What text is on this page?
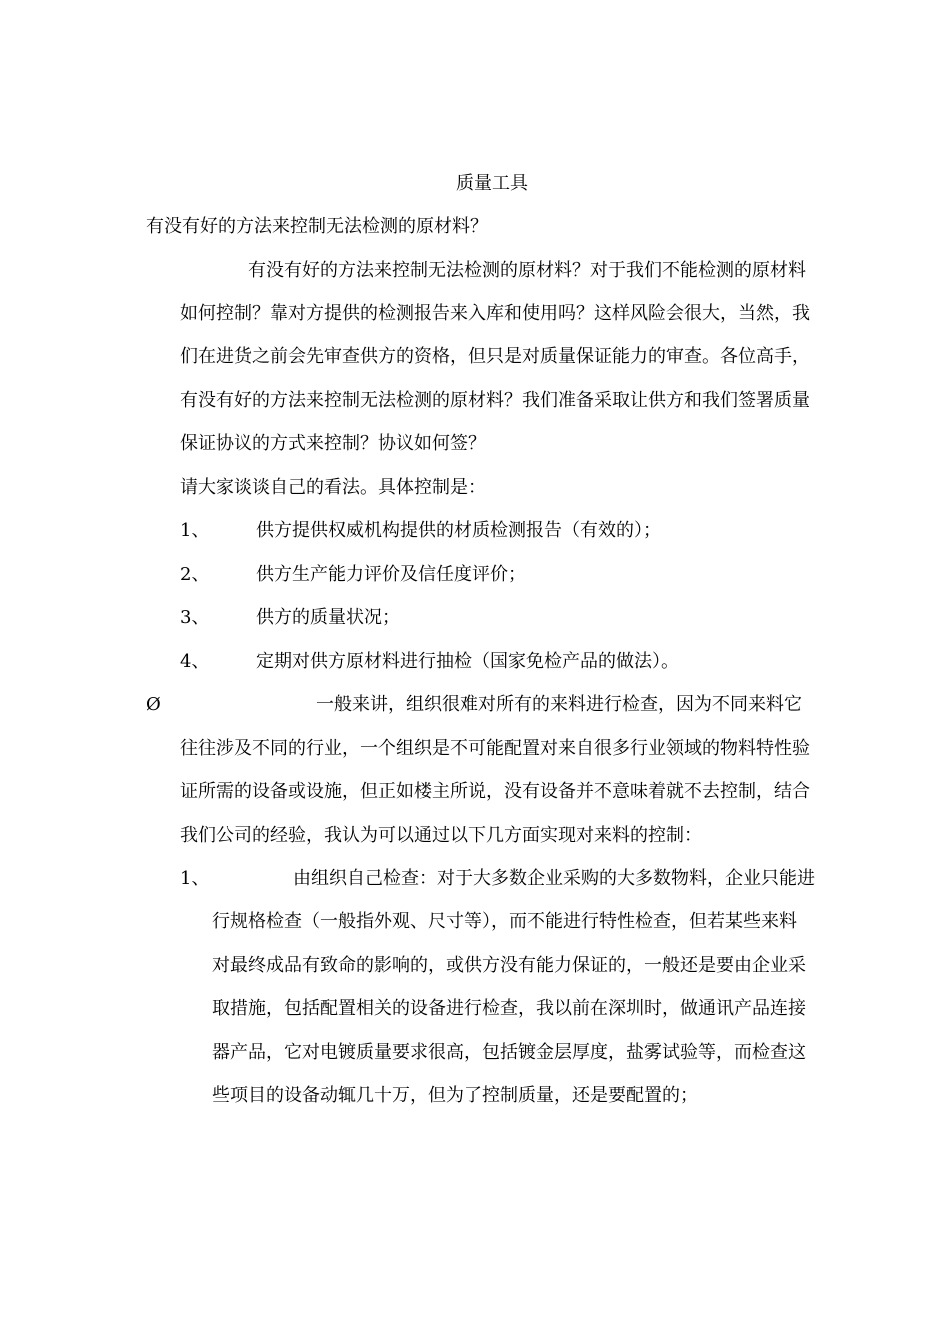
质量工具
有没有好的方法来控制无法检测的原材料？
有没有好的方法来控制无法检测的原材料？对于我们不能检测的原材料
如何控制？靠对方提供的检测报告来入库和使用吗？这样风险会很大，当然，我
们在进货之前会先审查供方的资格，但只是对质量保证能力的审查。各位高手，
有没有好的方法来控制无法检测的原材料？我们准备采取让供方和我们签署质量
保证协议的方式来控制？协议如何签？
请大家谈谈自己的看法。具体控制是：
1、	供方提供权威机构提供的材质检测报告（有效的）；
2、	供方生产能力评价及信任度评价；
3、	供方的质量状况；
4、	定期对供方原材料进行抽检（国家免检产品的做法）。
Ø	一般来讲，组织很难对所有的来料进行检查，因为不同来料它
往往涉及不同的行业，一个组织是不可能配置对来自很多行业领域的物料特性验
证所需的设备或设施，但正如楼主所说，没有设备并不意味着就不去控制，结合
我们公司的经验，我认为可以通过以下几方面实现对来料的控制：
1、	由组织自己检查：对于大多数企业采购的大多数物料，企业只能进
行规格检查（一般指外观、尺寸等），而不能进行特性检查，但若某些来料
对最终成品有致命的影响的，或供方没有能力保证的，一般还是要由企业采
取措施，包括配置相关的设备进行检查，我以前在深圳时，做通讯产品连接
器产品，它对电镀质量要求很高，包括镀金层厚度，盐雾试验等，而检查这
些项目的设备动辄几十万，但为了控制质量，还是要配置的；
